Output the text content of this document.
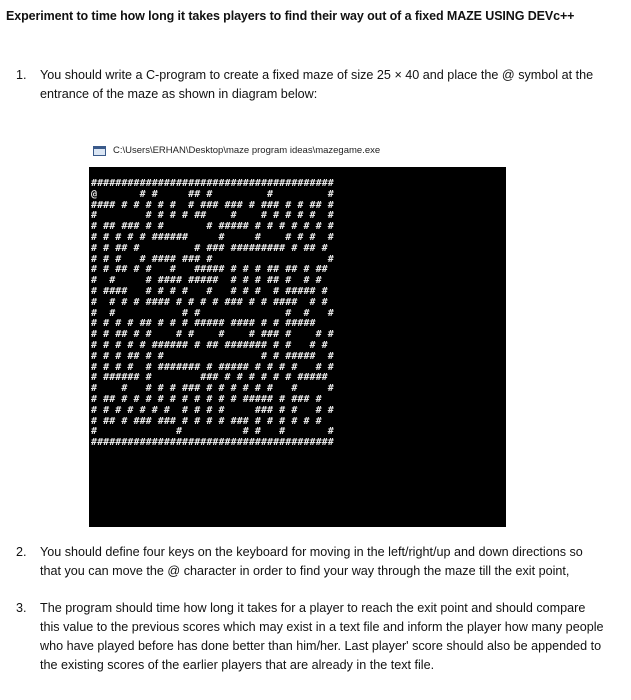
Experiment to time how long it takes players to find their way out of a fixed MAZE USING DEVc++
1.	You should write a C-program to create a fixed maze of size 25 × 40 and place the @ symbol at the entrance of the maze as shown in diagram below:
C:\Users\ERHAN\Desktop\maze program ideas\mazegame.exe
########################################
@       # #     ## #         #         #
#### # # # # #  # ### ### # ### # # ## #
#        # # # # ##    #    # # # # #  #
# ## ### # #       # ##### # # # # # # #
# # # # # ######     #     #    # # #  #
# # ## #         # ### ######### # ## #
# # #   # #### ### #                   #
# # ## # #   #   ##### # # # ## ## # ##
#  #     # #### #####  # # # ## #  # #
# ####   # # # #   #   # # #  # ##### #
#  # # # #### # # # # ### # # ####  # #
#  #           # #              #  #   #
# # # # ## # # # ##### #### # # #####
# # ## # #    # #    #    # ### #    # #
# # # # # ###### # ## ####### # #   # #
# # # ## # #                # # #####  #
# # # #  # ####### # ##### # # # #   # #
# ###### #        ### # # # # # # #####
#    #   # # # ### # # # # # #   #     #
# ## # # # # # # # # # # ##### # ### #
# # # # # # #  # # # #     ### # #   # #
# ## # ### ### # # # # ### # # # # # #
#             #          # #   #       #
########################################
2.	You should define four keys on the keyboard for moving in the left/right/up and down directions so that you can move the @ character in order to find your way through the maze till the exit point,
3.	The program should time how long it takes for a player to reach the exit point and should compare this value to the previous scores which may exist in a text file and inform the player how many people who have played before has done better than him/her. Last player' score should also be appended to the existing scores of the earlier players that are already in the text file.
